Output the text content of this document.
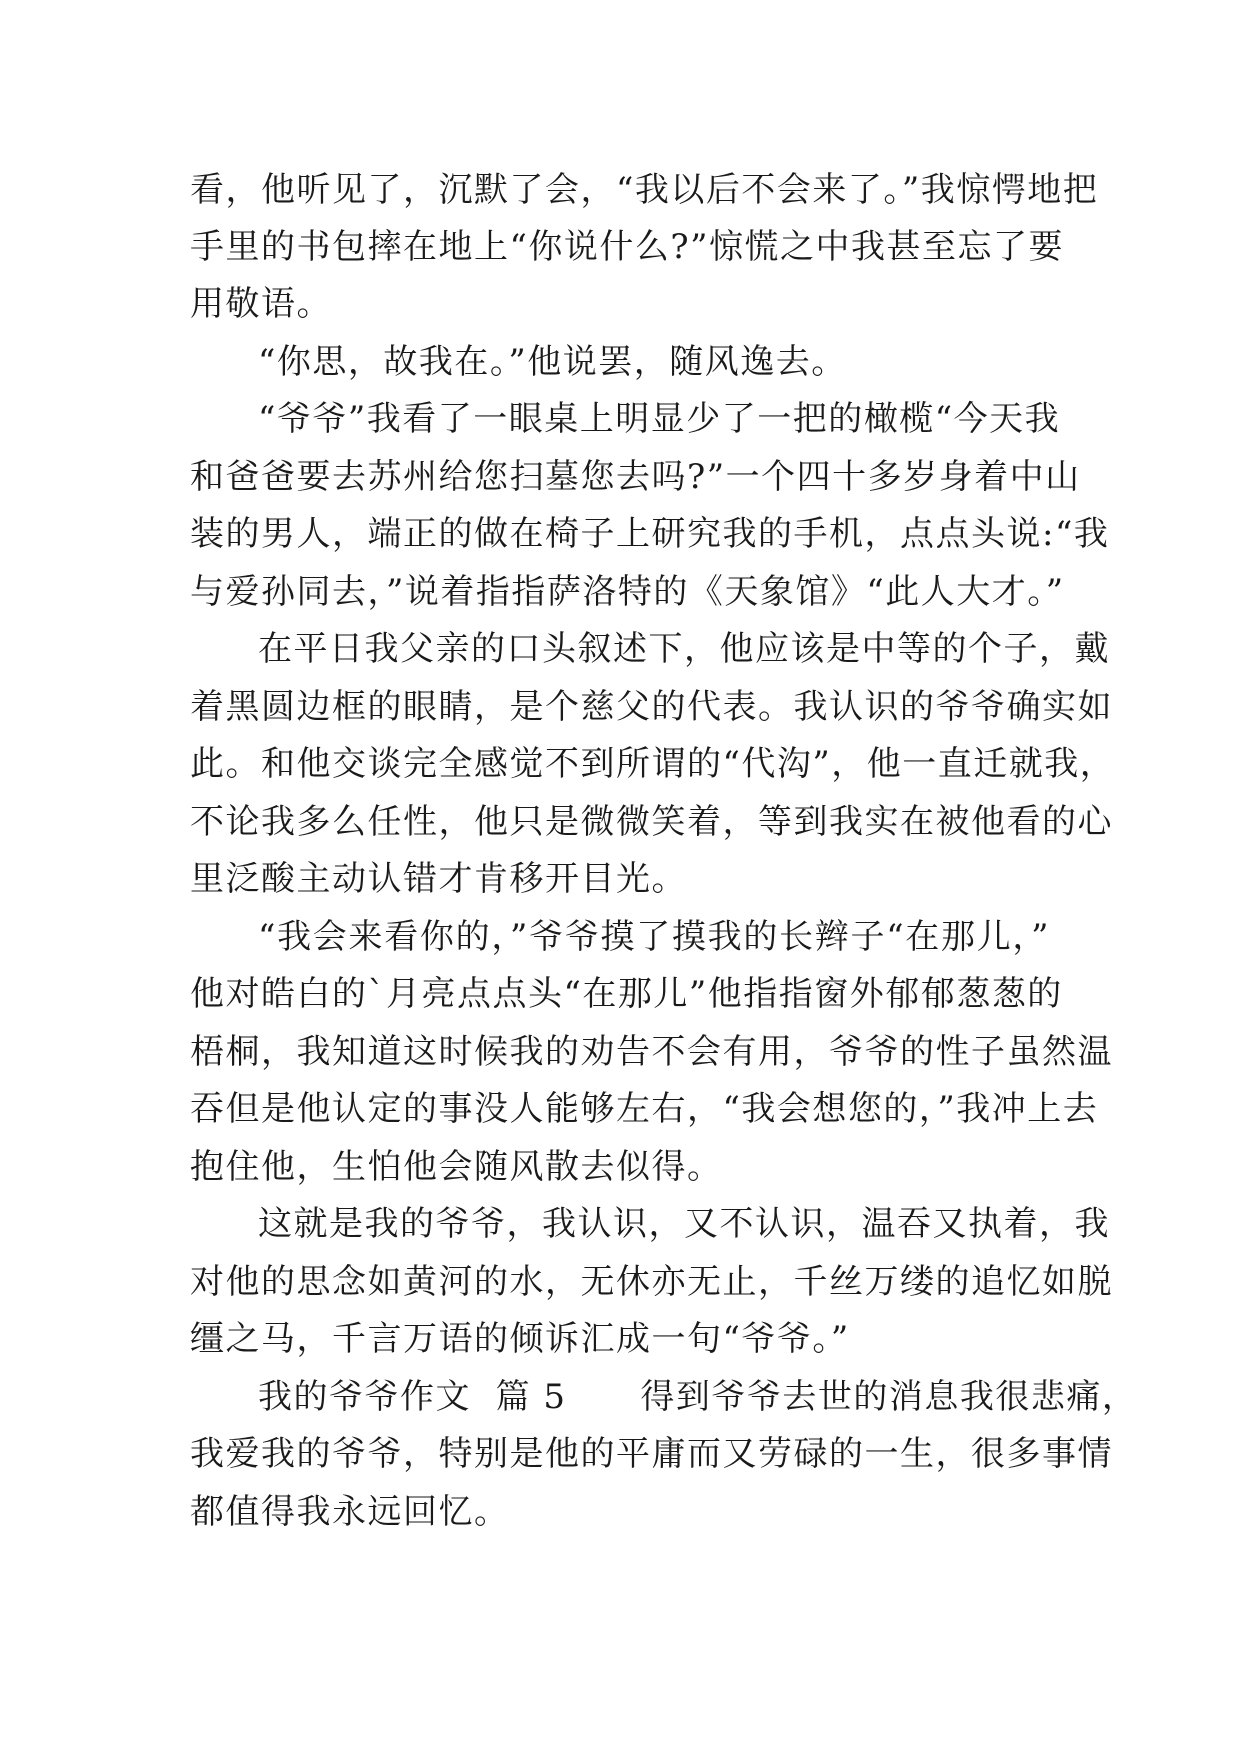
看，他听见了，沉默了会，“我以后不会来了。”我惊愕地把
手里的书包摔在地上“你说什么?”惊慌之中我甚至忘了要
用敬语。
“你思，故我在。”他说罢，随风逸去。
“爷爷”我看了一眼桌上明显少了一把的橄榄“今天我
和爸爸要去苏州给您扫墓您去吗?”一个四十多岁身着中山
装的男人，端正的做在椅子上研究我的手机，点点头说:“我
与爱孙同去，”说着指指萨洛特的《天象馆》“此人大才。”
在平日我父亲的口头叙述下，他应该是中等的个子，戴
着黑圆边框的眼睛，是个慈父的代表。我认识的爷爷确实如
此。和他交谈完全感觉不到所谓的“代沟”，他一直迁就我，
不论我多么任性，他只是微微笑着，等到我实在被他看的心
里泛酸主动认错才肯移开目光。
“我会来看你的，”爷爷摸了摸我的长辫子“在那儿，”
他对皓白的`月亮点点头“在那儿”他指指窗外郁郁葱葱的
梧桐，我知道这时候我的劝告不会有用，爷爷的性子虽然温
吞但是他认定的事没人能够左右，“我会想您的，”我冲上去
抱住他，生怕他会随风散去似得。
这就是我的爷爷，我认识，又不认识，温吞又执着，我
对他的思念如黄河的水，无休亦无止，千丝万缕的追忆如脱
缰之马，千言万语的倾诉汇成一句“爷爷。”
我的爷爷作文  篇 5      得到爷爷去世的消息我很悲痛，
我爱我的爷爷，特别是他的平庸而又劳碌的一生，很多事情
都值得我永远回忆。
